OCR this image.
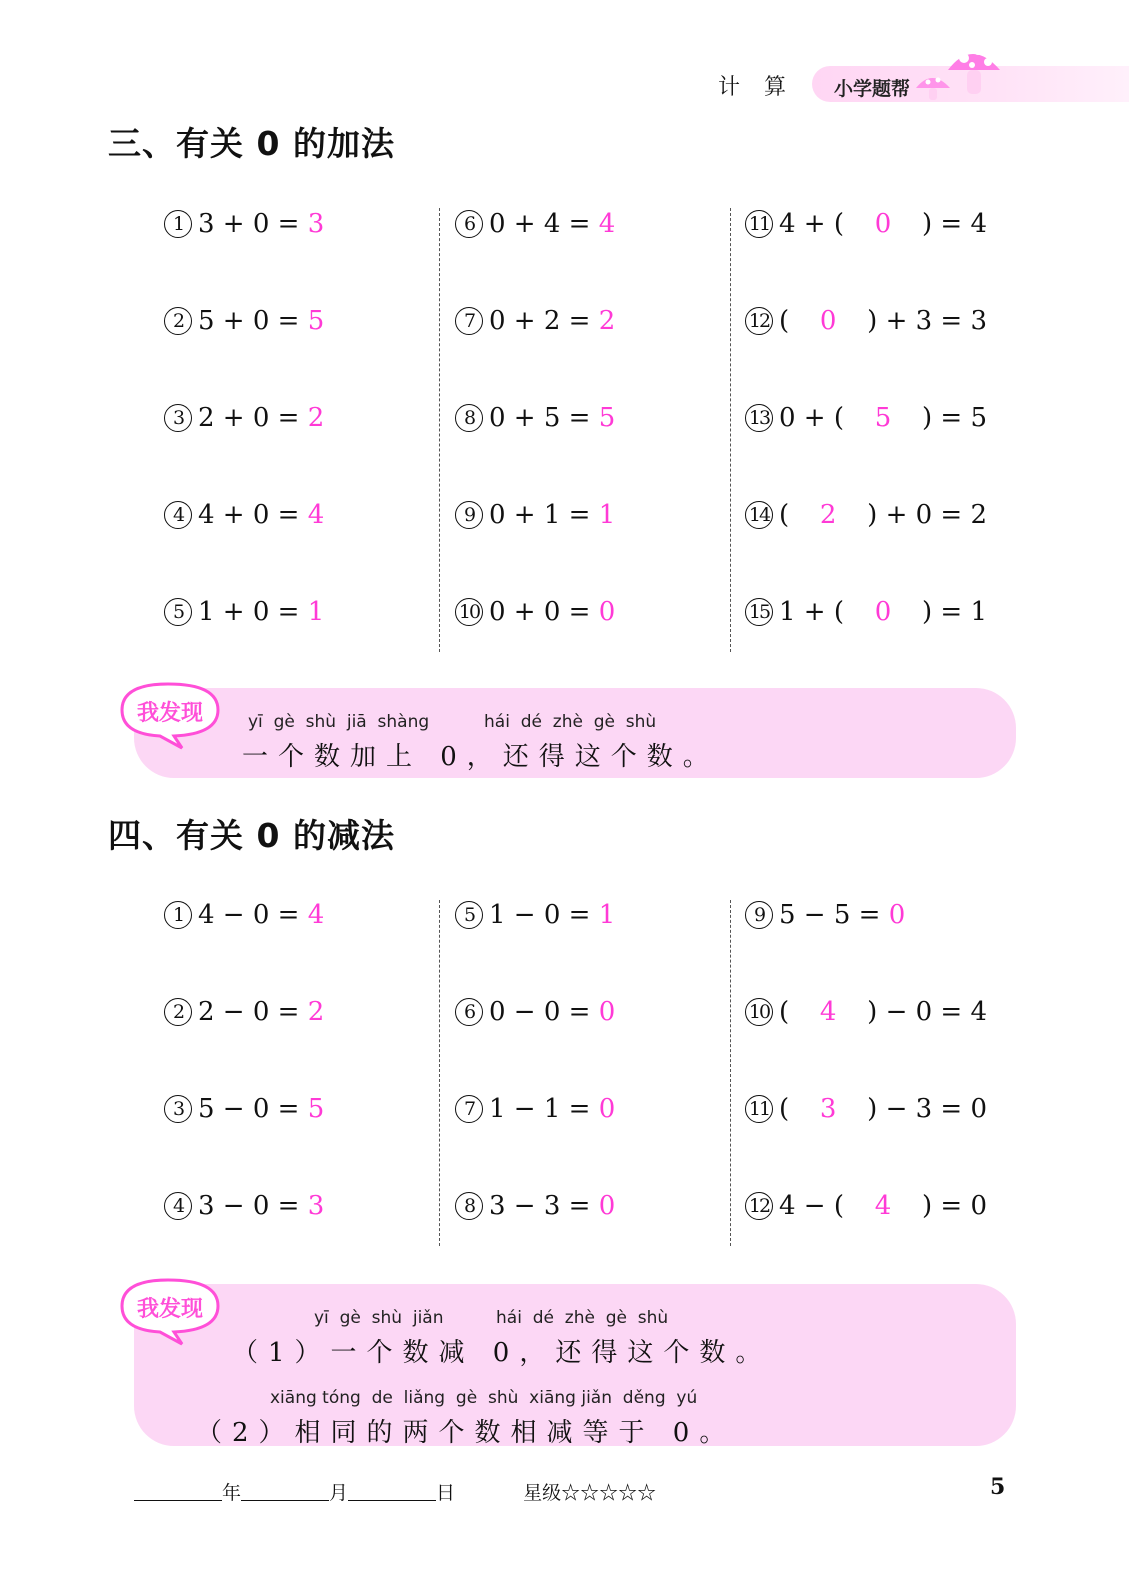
计算 小学题帮
三、有关 0 的加法
1 3 + 0 = 3
2 5 + 0 = 5
3 2 + 0 = 2
4 4 + 0 = 4
5 1 + 0 = 1
6 0 + 4 = 4
7 0 + 2 = 2
8 0 + 5 = 5
9 0 + 1 = 1
10 0 + 0 = 0
11 4 + ( 0 ) = 4
12 ( 0 ) + 3 = 3
13 0 + ( 5 ) = 5
14 ( 2 ) + 0 = 2
15 1 + ( 0 ) = 1
我发现	yī  gè  shù  jiā  shàng	hái  dé  zhè  gè  shù
一个数加上 0，还得这个数。
四、有关 0 的减法
1 4 − 0 = 4
2 2 − 0 = 2
3 5 − 0 = 5
4 3 − 0 = 3
5 1 − 0 = 1
6 0 − 0 = 0
7 1 − 1 = 0
8 3 − 3 = 0
9 5 − 5 = 0
10 ( 4 ) − 0 = 4
11 ( 3 ) − 3 = 0
12 4 − ( 4 ) = 0
我发现	yī  gè  shù  jiǎn	hái  dé  zhè  gè  shù
（1）一个数减 0，还得这个数。
xiāng tóng  de  liǎng  gè  shù  xiāng jiǎn  děng  yú
（2）相同的两个数相减等于 0。
年	月	日	星级☆☆☆☆☆	5
